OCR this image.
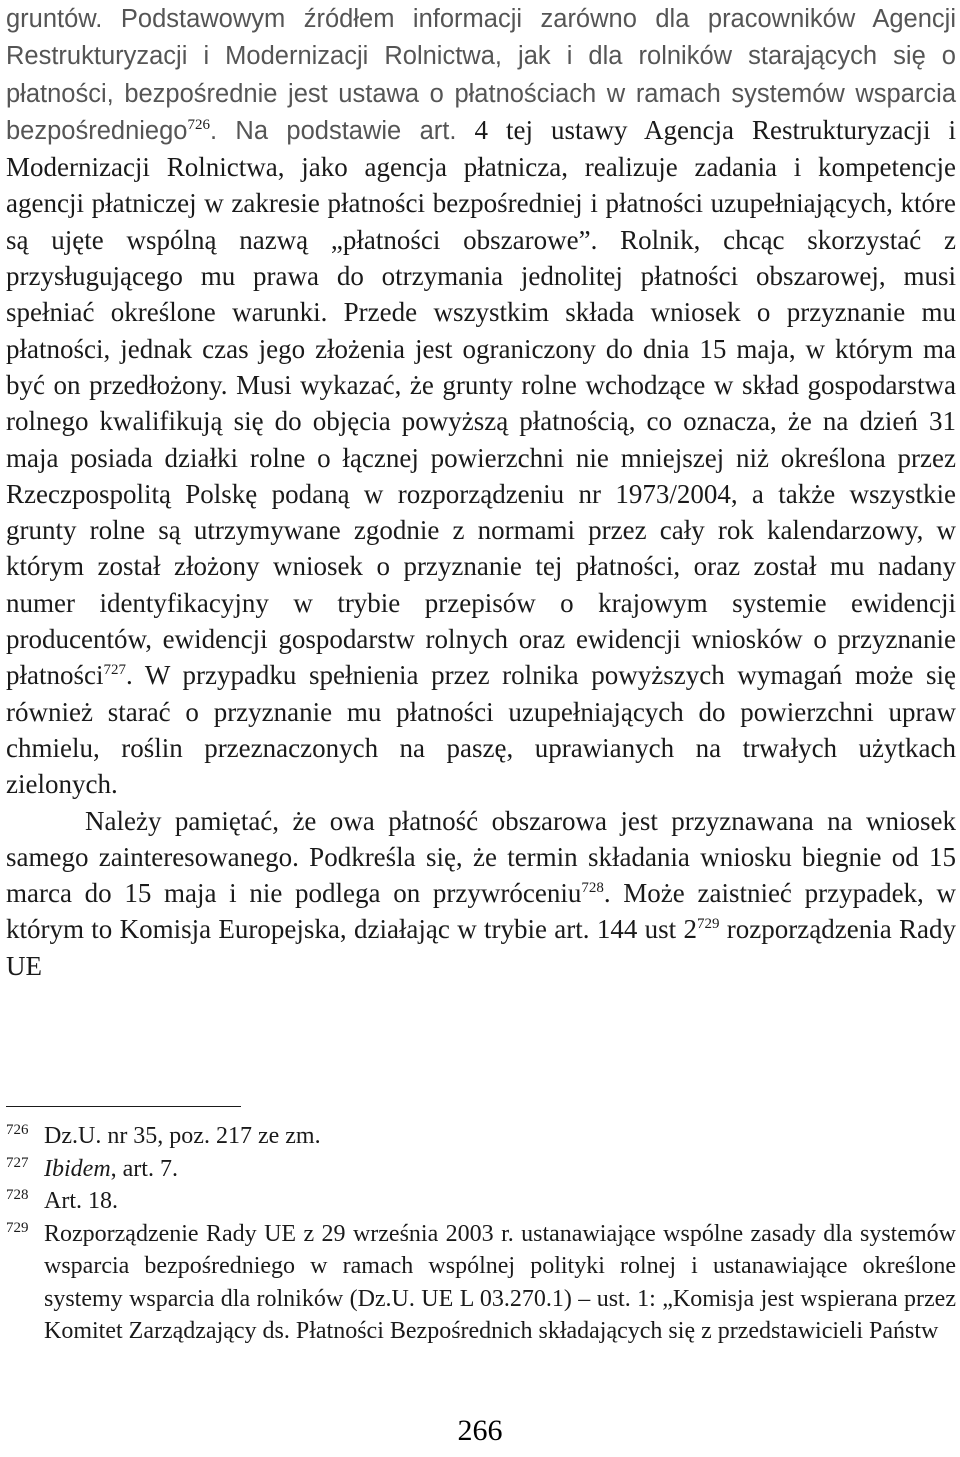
gruntów. Podstawowym źródłem informacji zarówno dla pracowników Agencji Restrukturyzacji i Modernizacji Rolnictwa, jak i dla rolników starających się o płatności, bezpośrednie jest ustawa o płatnościach w ramach systemów wsparcia bezpośredniego$^{726}$. Na podstawie art. 4 tej ustawy Agencja Restrukturyzacji i Modernizacji Rolnictwa, jako agencja płatnicza, realizuje zadania i kompetencje agencji płatniczej w zakresie płatności bezpośredniej i płatności uzupełniających, które są ujęte wspólną nazwą „płatności obszarowe”. Rolnik, chcąc skorzystać z przysługującego mu prawa do otrzymania jednolitej płatności obszarowej, musi spełniać określone warunki. Przede wszystkim składa wniosek o przyznanie mu płatności, jednak czas jego złożenia jest ograniczony do dnia 15 maja, w którym ma być on przedłożony. Musi wykazać, że grunty rolne wchodzące w skład gospodarstwa rolnego kwalifikują się do objęcia powyższą płatnością, co oznacza, że na dzień 31 maja posiada działki rolne o łącznej powierzchni nie mniejszej niż określona przez Rzeczpospolitą Polskę podaną w rozporządzeniu nr 1973/2004, a także wszystkie grunty rolne są utrzymywane zgodnie z normami przez cały rok kalendarzowy, w którym został złożony wniosek o przyznanie tej płatności, oraz został mu nadany numer identyfikacyjny w trybie przepisów o krajowym systemie ewidencji producentów, ewidencji gospodarstw rolnych oraz ewidencji wniosków o przyznanie płatności$^{727}$. W przypadku spełnienia przez rolnika powyższych wymagań może się również starać o przyznanie mu płatności uzupełniających do powierzchni upraw chmielu, roślin przeznaczonych na paszę, uprawianych na trwałych użytkach zielonych.

Należy pamiętać, że owa płatność obszarowa jest przyznawana na wniosek samego zainteresowanego. Podkreśla się, że termin składania wniosku biegnie od 15 marca do 15 maja i nie podlega on przywróceniu$^{728}$. Może zaistnieć przypadek, w którym to Komisja Europejska, działając w trybie art. 144 ust $2^{729}$ rozporządzenia Rady UE

726 Dz.U. nr 35, poz. 217 ze zm.
727 Ibidem, art. 7.
728 Art. 18.
729 Rozporządzenie Rady UE z 29 września 2003 r. ustanawiające wspólne zasady dla systemów wsparcia bezpośredniego w ramach wspólnej polityki rolnej i ustanawiające określone systemy wsparcia dla rolników (Dz.U. UE L 03.270.1) – ust. 1: „Komisja jest wspierana przez Komitet Zarządzający ds. Płatności Bezpośrednich składających się z przedstawicieli Państw
266
